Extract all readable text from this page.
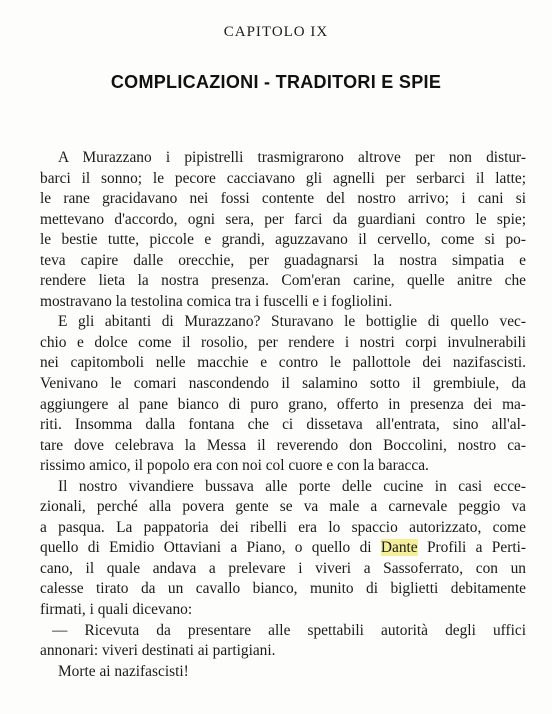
CAPITOLO IX
COMPLICAZIONI - TRADITORI E SPIE
A Murazzano i pipistrelli trasmigrarono altrove per non distur-
barci il sonno; le pecore cacciavano gli agnelli per serbarci il latte;
le rane gracidavano nei fossi contente del nostro arrivo; i cani si
mettevano d'accordo, ogni sera, per farci da guardiani contro le spie;
le bestie tutte, piccole e grandi, aguzzavano il cervello, come si po-
teva capire dalle orecchie, per guadagnarsi la nostra simpatia e
rendere lieta la nostra presenza. Com'eran carine, quelle anitre che
mostravano la testolina comica tra i fuscelli e i fogliolini.
E gli abitanti di Murazzano? Sturavano le bottiglie di quello vec-
chio e dolce come il rosolio, per rendere i nostri corpi invulnerabili
nei capitomboli nelle macchie e contro le pallottole dei nazifascisti.
Venivano le comari nascondendo il salamino sotto il grembiule, da
aggiungere al pane bianco di puro grano, offerto in presenza dei ma-
riti. Insomma dalla fontana che ci dissetava all'entrata, sino all'al-
tare dove celebrava la Messa il reverendo don Boccolini, nostro ca-
rissimo amico, il popolo era con noi col cuore e con la baracca.
Il nostro vivandiere bussava alle porte delle cucine in casi ecce-
zionali, perché alla povera gente se va male a carnevale peggio va
a pasqua. La pappatoria dei ribelli era lo spaccio autorizzato, come
quello di Emidio Ottaviani a Piano, o quello di Dante Profili a Perti-
cano, il quale andava a prelevare i viveri a Sassoferrato, con un
calesse tirato da un cavallo bianco, munito di biglietti debitamente
firmati, i quali dicevano:
— Ricevuta da presentare alle spettabili autorità degli uffici
annonari: viveri destinati ai partigiani.
Morte ai nazifascisti!
